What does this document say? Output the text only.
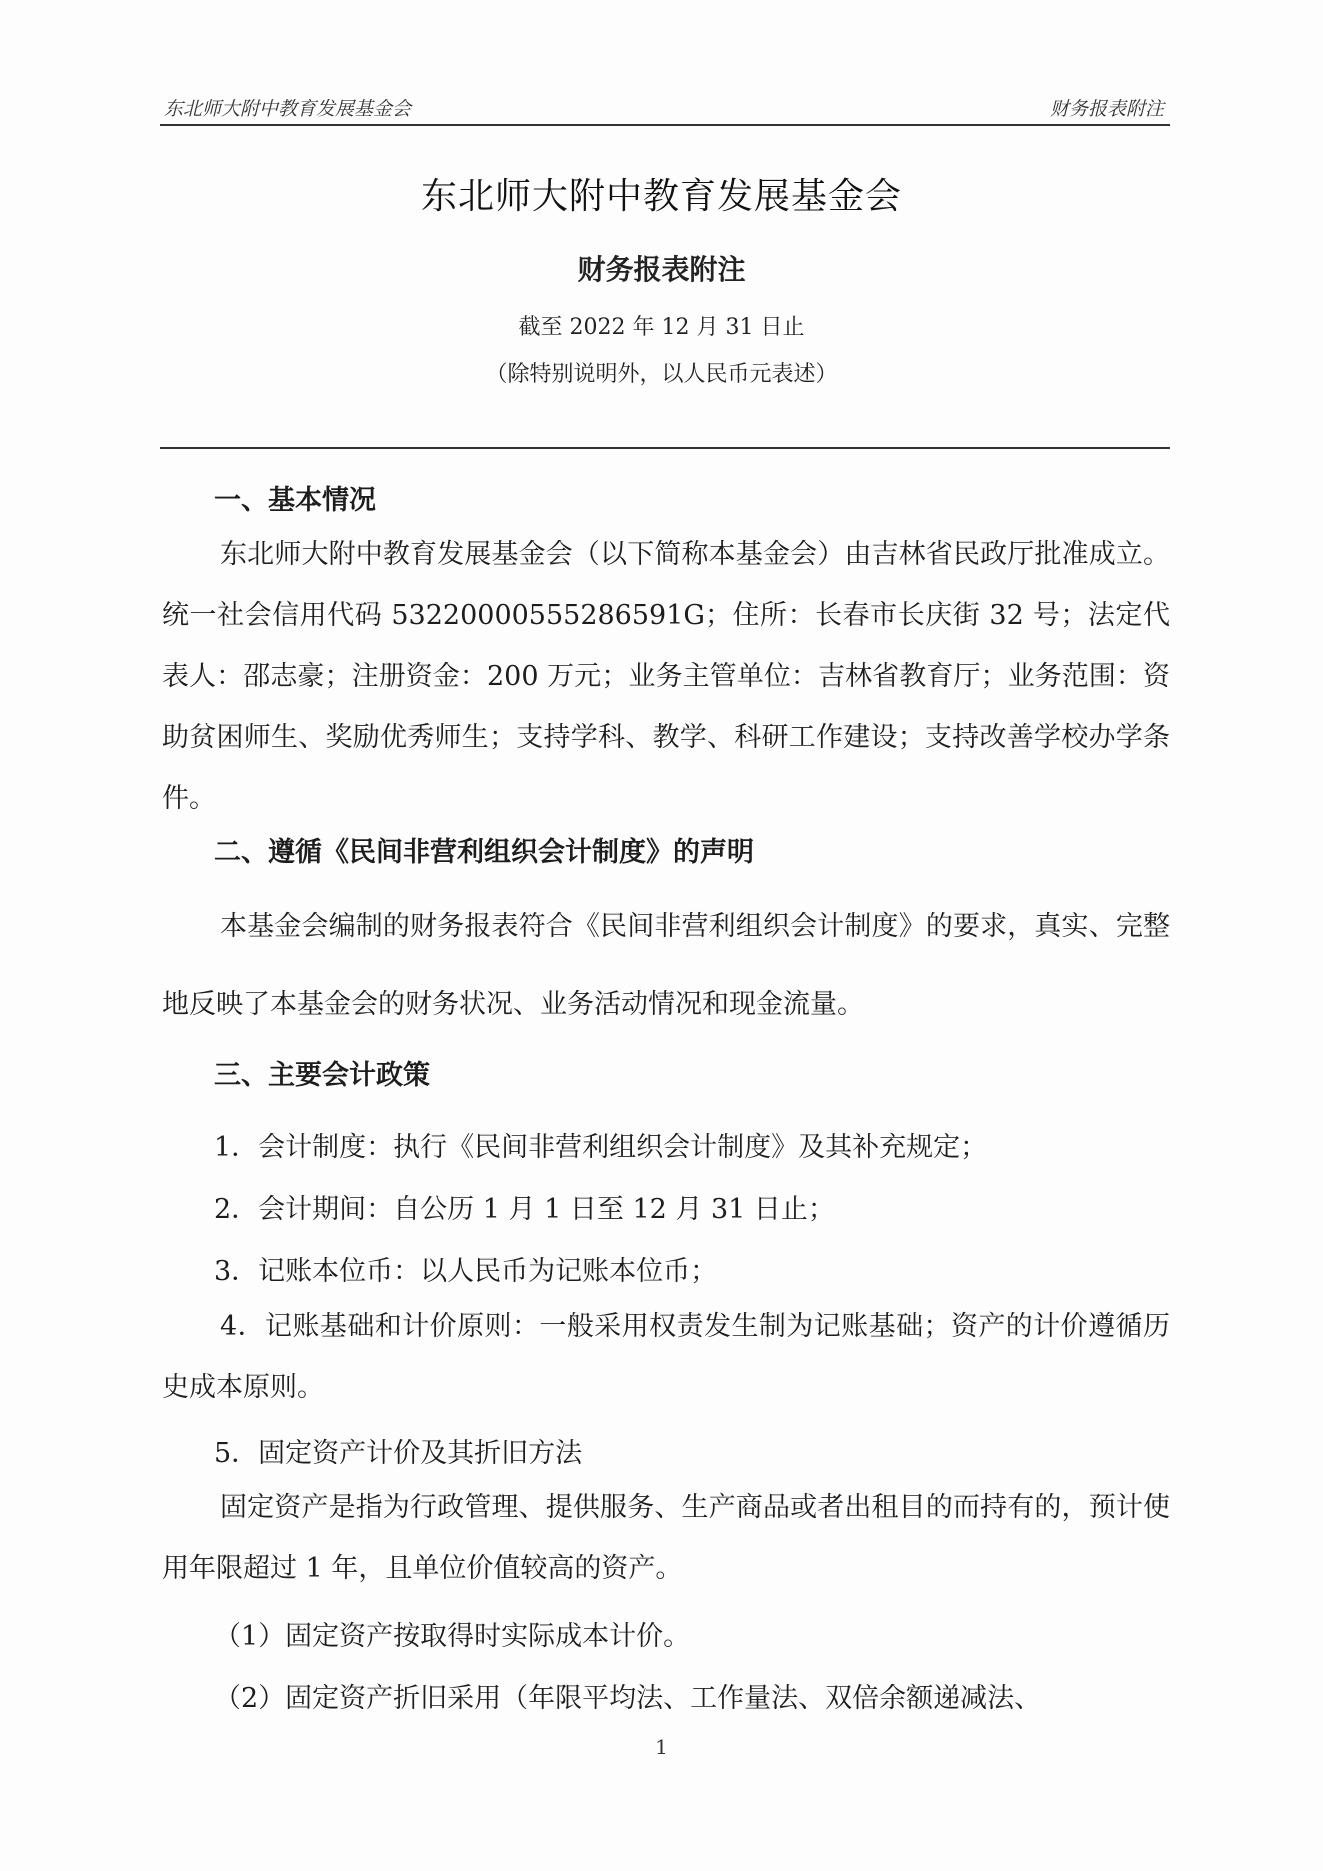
东北师大附中教育发展基金会	财务报表附注
东北师大附中教育发展基金会
财务报表附注
截至 2022 年 12 月 31 日止
（除特别说明外，以人民币元表述）
一、基本情况
东北师大附中教育发展基金会（以下简称本基金会）由吉林省民政厅批准成立。统一社会信用代码 53220000555286591G；住所：长春市长庆街 32 号；法定代表人：邵志豪；注册资金：200 万元；业务主管单位：吉林省教育厅；业务范围：资助贫困师生、奖励优秀师生；支持学科、教学、科研工作建设；支持改善学校办学条件。
二、遵循《民间非营利组织会计制度》的声明
本基金会编制的财务报表符合《民间非营利组织会计制度》的要求，真实、完整地反映了本基金会的财务状况、业务活动情况和现金流量。
三、主要会计政策
1．会计制度：执行《民间非营利组织会计制度》及其补充规定；
2．会计期间：自公历 1 月 1 日至 12 月 31 日止；
3．记账本位币：以人民币为记账本位币；
4．记账基础和计价原则：一般采用权责发生制为记账基础；资产的计价遵循历史成本原则。
5．固定资产计价及其折旧方法
固定资产是指为行政管理、提供服务、生产商品或者出租目的而持有的，预计使用年限超过 1 年，且单位价值较高的资产。
（1）固定资产按取得时实际成本计价。
（2）固定资产折旧采用（年限平均法、工作量法、双倍余额递减法、
1
